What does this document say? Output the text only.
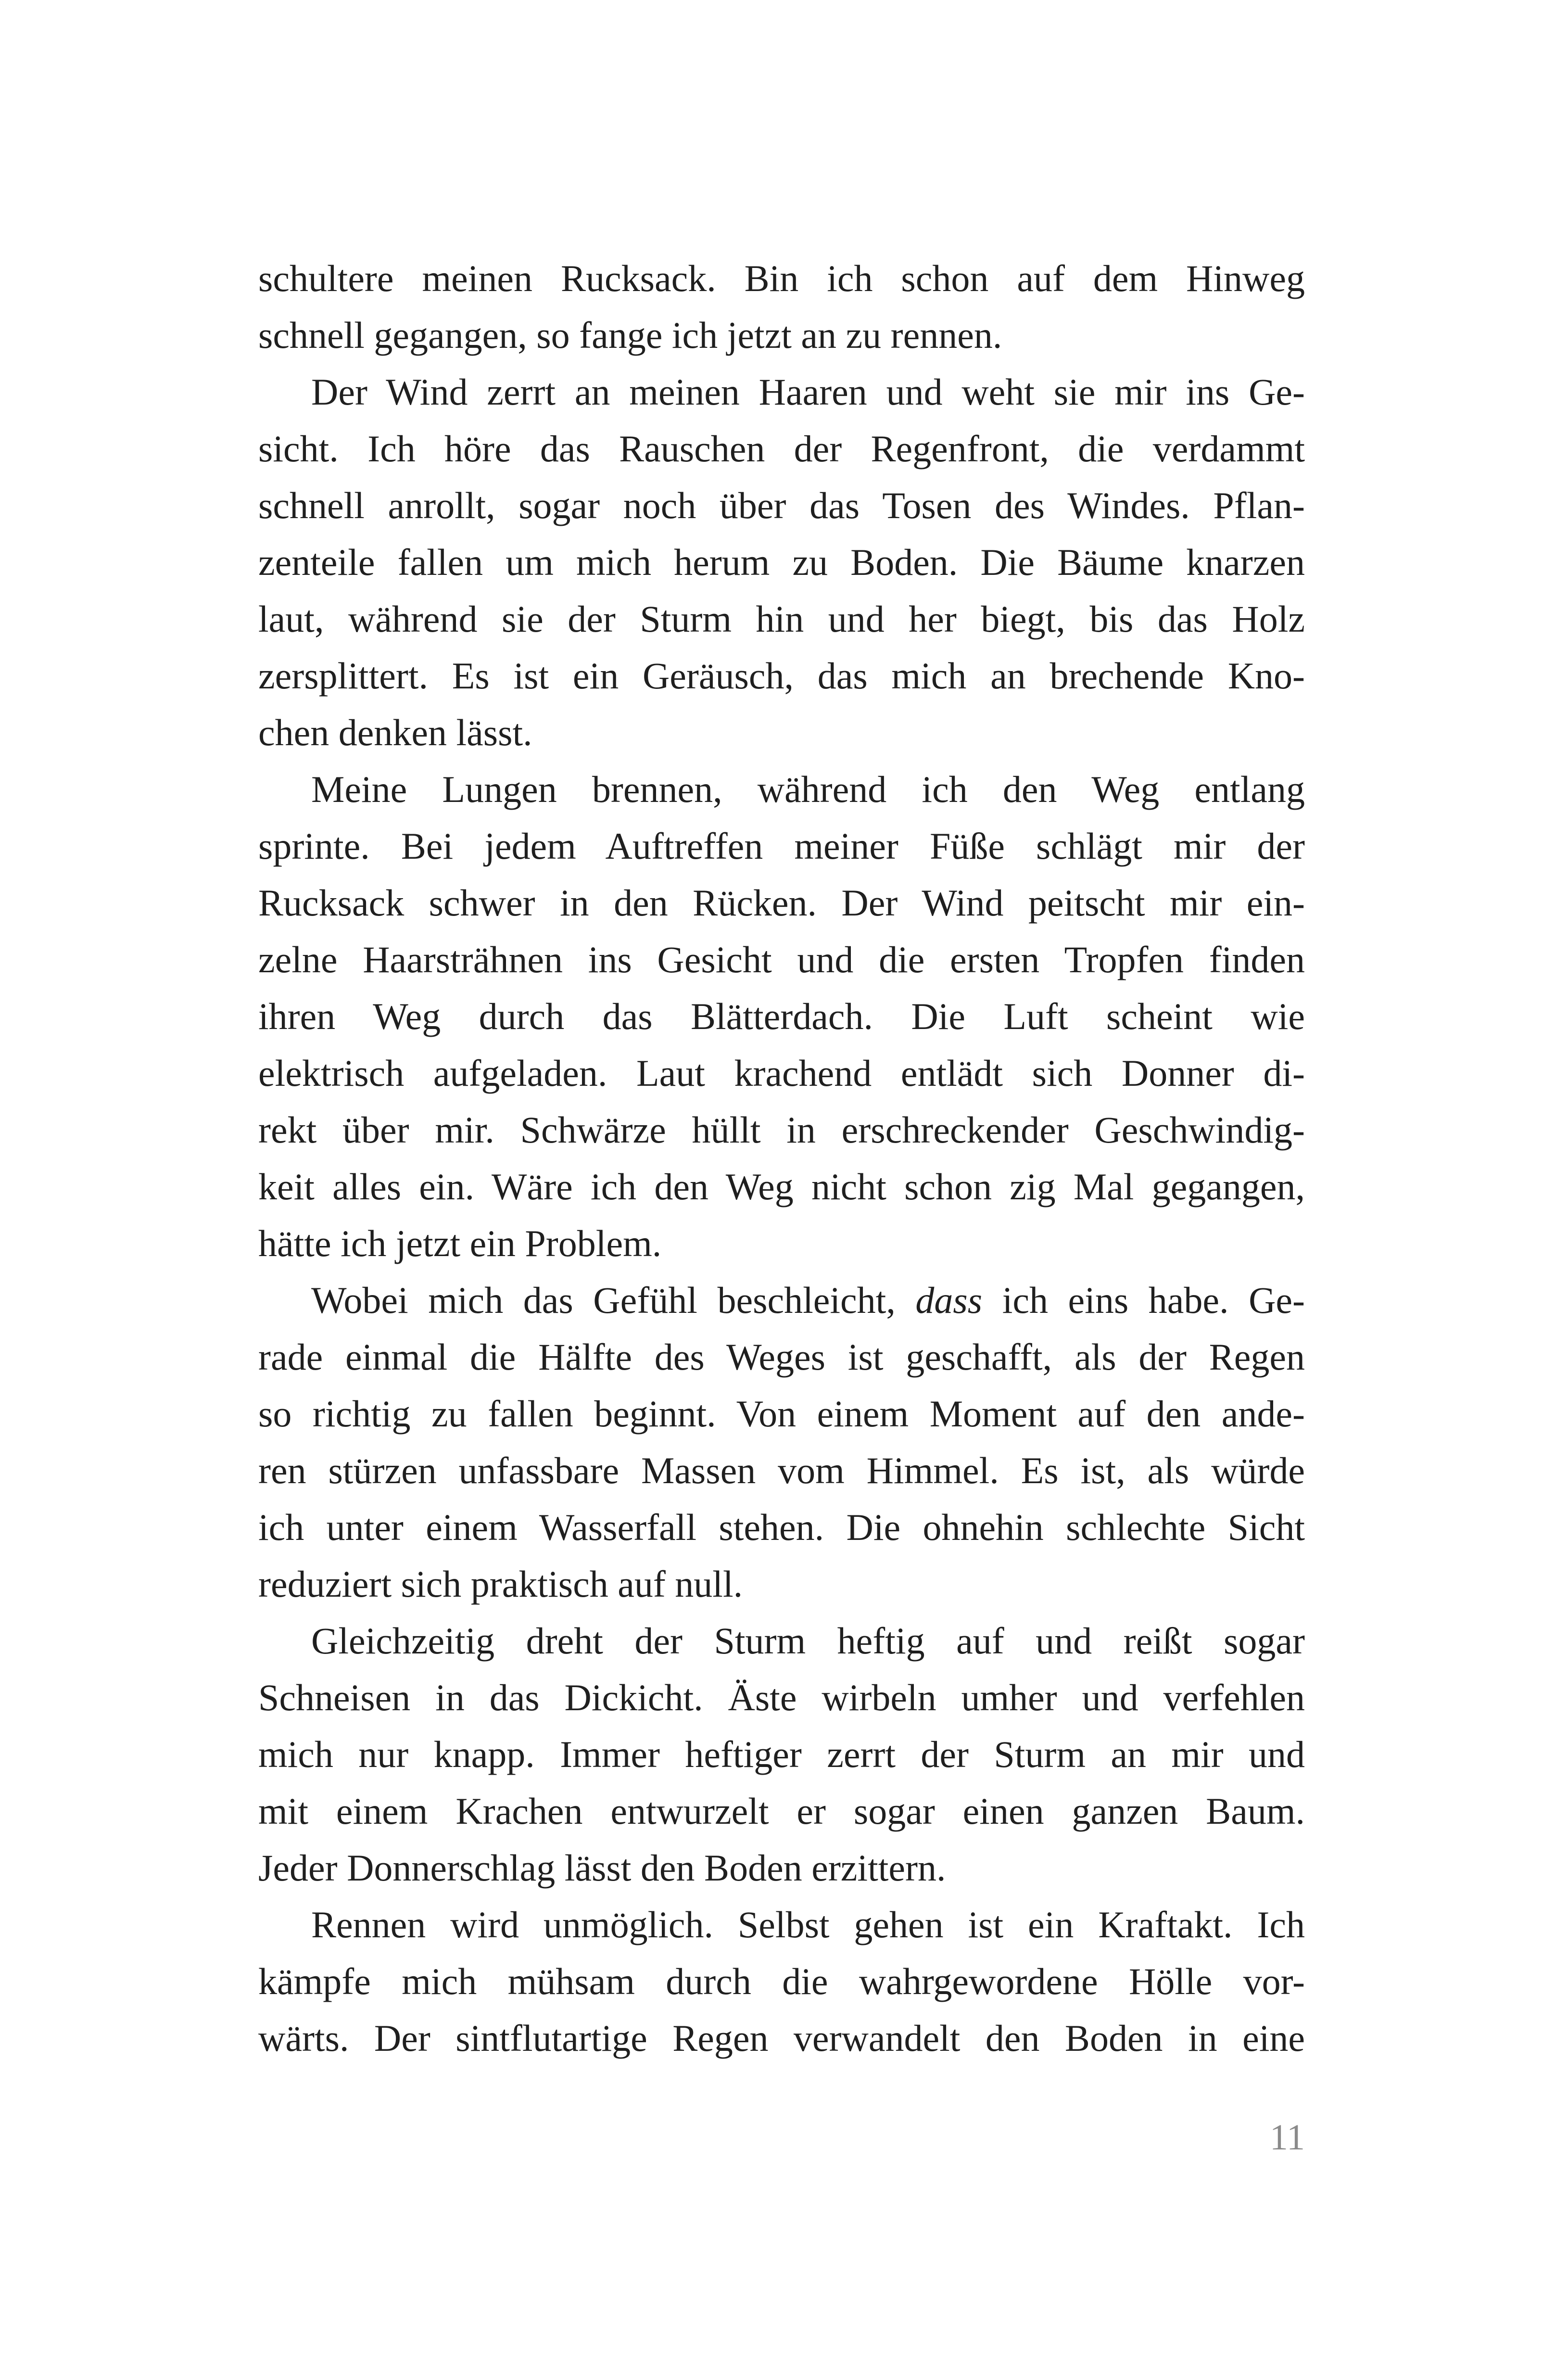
schultere meinen Rucksack. Bin ich schon auf dem Hinweg
schnell gegangen, so fange ich jetzt an zu rennen.
Der Wind zerrt an meinen Haaren und weht sie mir ins Ge-
sicht. Ich höre das Rauschen der Regenfront, die verdammt
schnell anrollt, sogar noch über das Tosen des Windes. Pflan-
zenteile fallen um mich herum zu Boden. Die Bäume knarzen
laut, während sie der Sturm hin und her biegt, bis das Holz
zersplittert. Es ist ein Geräusch, das mich an brechende Kno-
chen denken lässt.
Meine Lungen brennen, während ich den Weg entlang
sprinte. Bei jedem Auftreffen meiner Füße schlägt mir der
Rucksack schwer in den Rücken. Der Wind peitscht mir ein-
zelne Haarsträhnen ins Gesicht und die ersten Tropfen finden
ihren Weg durch das Blätterdach. Die Luft scheint wie
elektrisch aufgeladen. Laut krachend entlädt sich Donner di-
rekt über mir. Schwärze hüllt in erschreckender Geschwindig-
keit alles ein. Wäre ich den Weg nicht schon zig Mal gegangen,
hätte ich jetzt ein Problem.
Wobei mich das Gefühl beschleicht, dass ich eins habe. Ge-
rade einmal die Hälfte des Weges ist geschafft, als der Regen
so richtig zu fallen beginnt. Von einem Moment auf den ande-
ren stürzen unfassbare Massen vom Himmel. Es ist, als würde
ich unter einem Wasserfall stehen. Die ohnehin schlechte Sicht
reduziert sich praktisch auf null.
Gleichzeitig dreht der Sturm heftig auf und reißt sogar
Schneisen in das Dickicht. Äste wirbeln umher und verfehlen
mich nur knapp. Immer heftiger zerrt der Sturm an mir und
mit einem Krachen entwurzelt er sogar einen ganzen Baum.
Jeder Donnerschlag lässt den Boden erzittern.
Rennen wird unmöglich. Selbst gehen ist ein Kraftakt. Ich
kämpfe mich mühsam durch die wahrgewordene Hölle vor-
wärts. Der sintflutartige Regen verwandelt den Boden in eine
11
